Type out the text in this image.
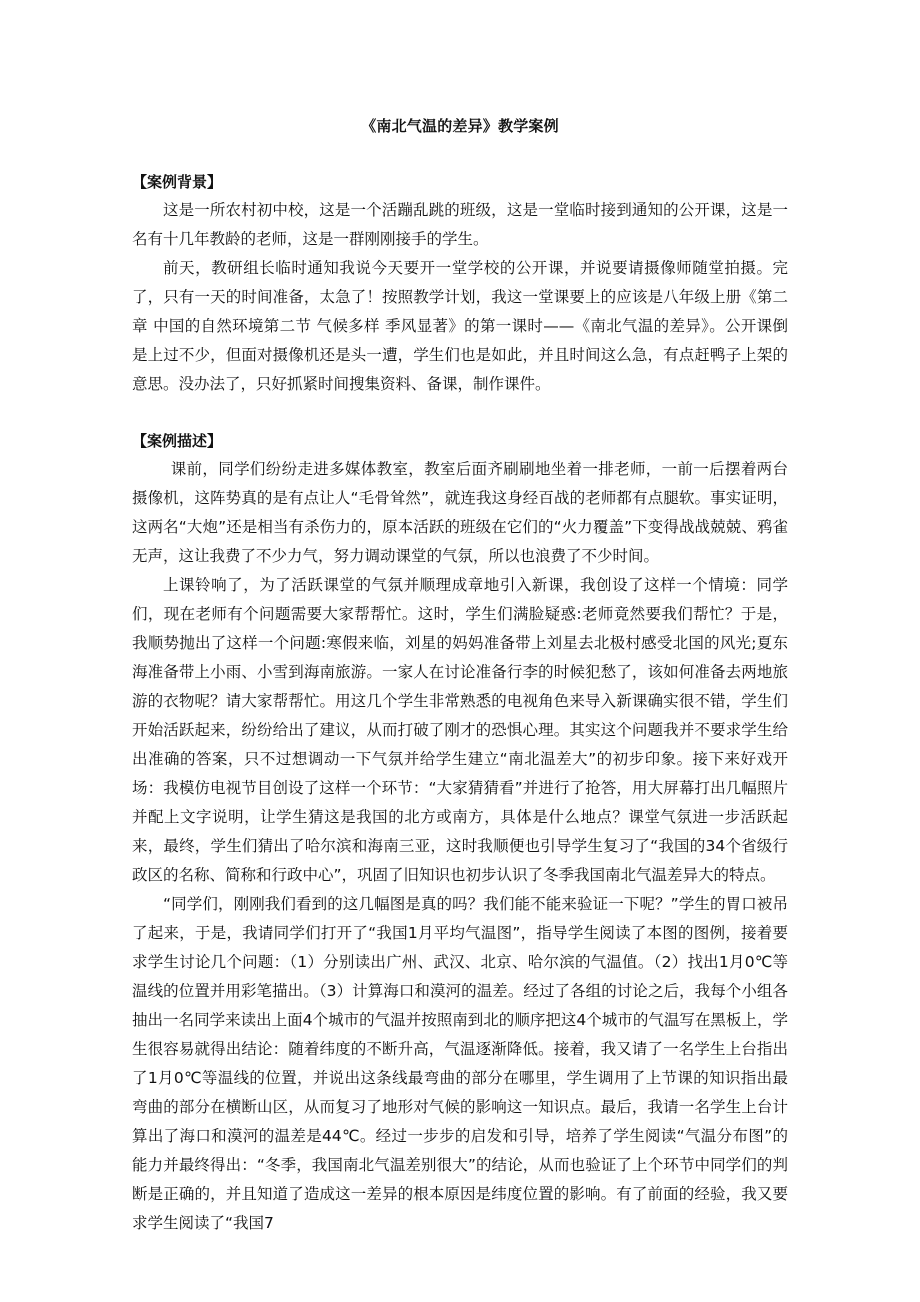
《南北气温的差异》教学案例
【案例背景】

这是一所农村初中校，这是一个活蹦乱跳的班级，这是一堂临时接到通知的公开课，这是一名有十几年教龄的老师，这是一群刚刚接手的学生。

前天，教研组长临时通知我说今天要开一堂学校的公开课，并说要请摄像师随堂拍摄。完了，只有一天的时间准备，太急了！按照教学计划，我这一堂课要上的应该是八年级上册《第二章 中国的自然环境第二节 气候多样 季风显著》的第一课时——《南北气温的差异》。公开课倒是上过不少，但面对摄像机还是头一遭，学生们也是如此，并且时间这么急，有点赶鸭子上架的意思。没办法了，只好抓紧时间搜集资料、备课，制作课件。

【案例描述】

课前，同学们纷纷走进多媒体教室，教室后面齐刷刷地坐着一排老师，一前一后摆着两台摄像机，这阵势真的是有点让人“毛骨耸然”，就连我这身经百战的老师都有点腿软。事实证明，这两名“大炮”还是相当有杀伤力的，原本活跃的班级在它们的“火力覆盖”下变得战战兢兢、鸦雀无声，这让我费了不少力气，努力调动课堂的气氛，所以也浪费了不少时间。

上课铃响了，为了活跃课堂的气氛并顺理成章地引入新课，我创设了这样一个情境：同学们，现在老师有个问题需要大家帮帮忙。这时，学生们满脸疑惑:老师竟然要我们帮忙？于是，我顺势抛出了这样一个问题:寒假来临，刘星的妈妈准备带上刘星去北极村感受北国的风光;夏东海准备带上小雨、小雪到海南旅游。一家人在讨论准备行李的时候犯愁了，该如何准备去两地旅游的衣物呢？请大家帮帮忙。用这几个学生非常熟悉的电视角色来导入新课确实很不错，学生们开始活跃起来，纷纷给出了建议，从而打破了刚才的恐惧心理。其实这个问题我并不要求学生给出准确的答案，只不过想调动一下气氛并给学生建立“南北温差大”的初步印象。接下来好戏开场：我模仿电视节目创设了这样一个环节：“大家猜猜看”并进行了抢答，用大屏幕打出几幅照片并配上文字说明，让学生猜这是我国的北方或南方，具体是什么地点？课堂气氛进一步活跃起来，最终，学生们猜出了哈尔滨和海南三亚，这时我顺便也引导学生复习了“我国的34个省级行政区的名称、简称和行政中心”，巩固了旧知识也初步认识了冬季我国南北气温差异大的特点。

“同学们，刚刚我们看到的这几幅图是真的吗？我们能不能来验证一下呢？”学生的胃口被吊了起来，于是，我请同学们打开了“我国1月平均气温图”，指导学生阅读了本图的图例，接着要求学生讨论几个问题：（1）分别读出广州、武汉、北京、哈尔滨的气温值。（2）找出1月0℃等温线的位置并用彩笔描出。（3）计算海口和漠河的温差。经过了各组的讨论之后，我每个小组各抽出一名同学来读出上面4个城市的气温并按照南到北的顺序把这4个城市的气温写在黑板上，学生很容易就得出结论：随着纬度的不断升高，气温逐渐降低。接着，我又请了一名学生上台指出了1月0℃等温线的位置，并说出这条线最弯曲的部分在哪里，学生调用了上节课的知识指出最弯曲的部分在横断山区，从而复习了地形对气候的影响这一知识点。最后，我请一名学生上台计算出了海口和漠河的温差是44℃。经过一步步的启发和引导，培养了学生阅读“气温分布图”的能力并最终得出：“冬季，我国南北气温差别很大”的结论，从而也验证了上个环节中同学们的判断是正确的，并且知道了造成这一差异的根本原因是纬度位置的影响。有了前面的经验，我又要求学生阅读了“我国7
